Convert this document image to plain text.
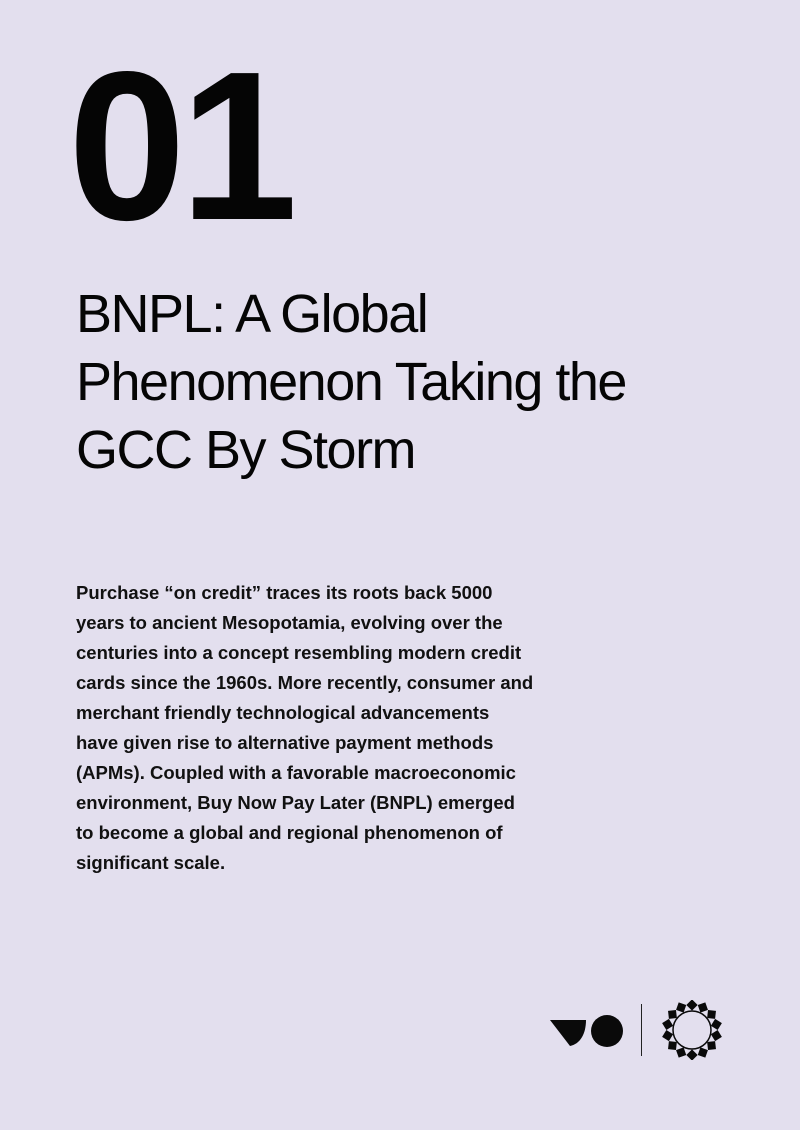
01
BNPL: A Global Phenomenon Taking the GCC By Storm

Purchase “on credit” traces its roots back 5000 years to ancient Mesopotamia, evolving over the centuries into a concept resembling modern credit cards since the 1960s. More recently, consumer and merchant friendly technological advancements have given rise to alternative payment methods (APMs). Coupled with a favorable macroeconomic environment, Buy Now Pay Later (BNPL) emerged to become a global and regional phenomenon of significant scale.
